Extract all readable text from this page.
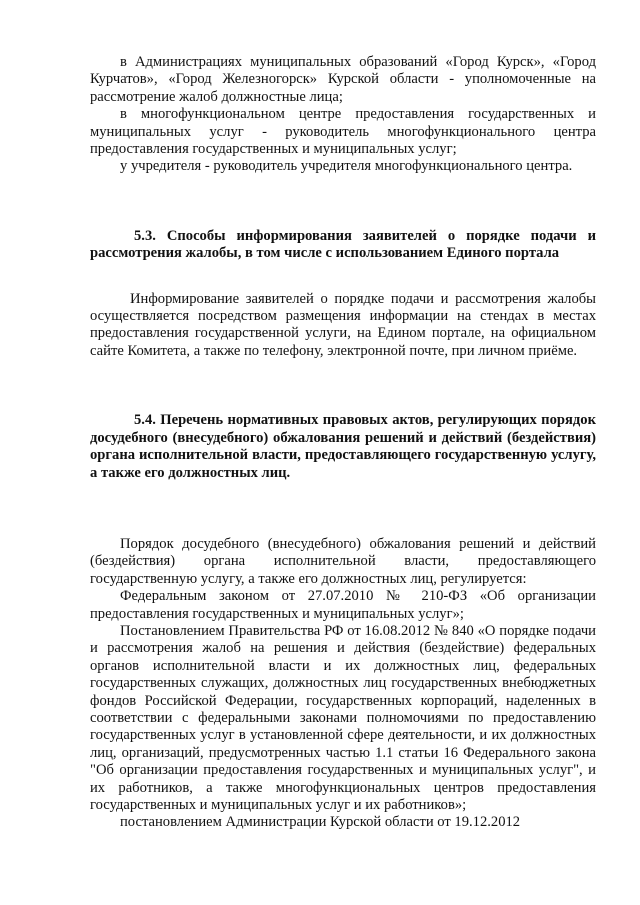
в Администрациях муниципальных образований «Город Курск», «Город Курчатов», «Город Железногорск» Курской области - уполномоченные на рассмотрение жалоб должностные лица;

в многофункциональном центре предоставления государственных и муниципальных услуг - руководитель многофункционального центра предоставления государственных и муниципальных услуг;

у учредителя - руководитель учредителя многофункционального центра.

5.3. Способы информирования заявителей о порядке подачи и рассмотрения жалобы, в том числе с использованием Единого портала

Информирование заявителей о порядке подачи и рассмотрения жалобы осуществляется посредством размещения информации на стендах в местах предоставления государственной услуги, на Едином портале, на официальном сайте Комитета, а также по телефону, электронной почте, при личном приёме.

5.4. Перечень нормативных правовых актов, регулирующих порядок досудебного (внесудебного) обжалования решений и действий (бездействия) органа исполнительной власти, предоставляющего государственную услугу, а также его должностных лиц.

Порядок досудебного (внесудебного) обжалования решений и действий (бездействия) органа исполнительной власти, предоставляющего государственную услугу, а также его должностных лиц, регулируется:

Федеральным законом от 27.07.2010 № 210-ФЗ «Об организации предоставления государственных и муниципальных услуг»;

Постановлением Правительства РФ от 16.08.2012 № 840 «О порядке подачи и рассмотрения жалоб на решения и действия (бездействие) федеральных органов исполнительной власти и их должностных лиц, федеральных государственных служащих, должностных лиц государственных внебюджетных фондов Российской Федерации, государственных корпораций, наделенных в соответствии с федеральными законами полномочиями по предоставлению государственных услуг в установленной сфере деятельности, и их должностных лиц, организаций, предусмотренных частью 1.1 статьи 16 Федерального закона "Об организации предоставления государственных и муниципальных услуг", и их работников, а также многофункциональных центров предоставления государственных и муниципальных услуг и их работников»;

постановлением Администрации Курской области от 19.12.2012
